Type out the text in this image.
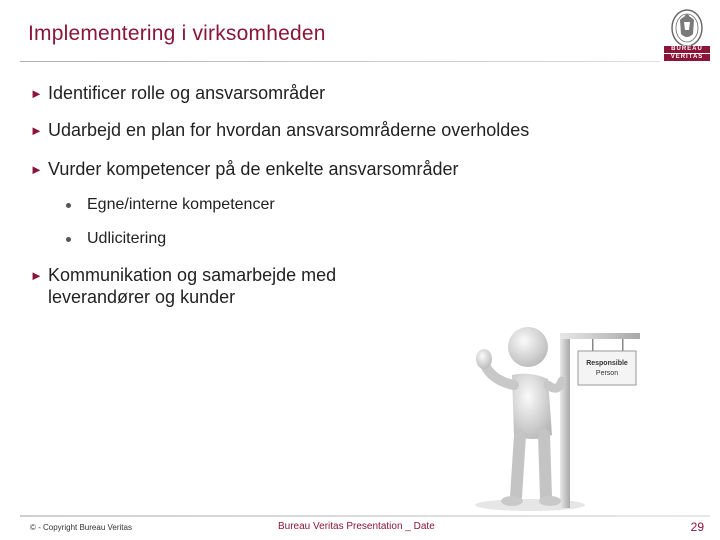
Implementering i virksomheden
BUREAU
VERITAS
► Identificer rolle og ansvarsområder
► Udarbejd en plan for hvordan ansvarsområderne overholdes
► Vurder kompetencer på de enkelte ansvarsområder
Egne/interne kompetencer
Udlicitering
► Kommunikation og samarbejde med
leverandører og kunder
Responsible
Person
© - Copyright Bureau Veritas	Bureau Veritas Presentation _ Date	29
